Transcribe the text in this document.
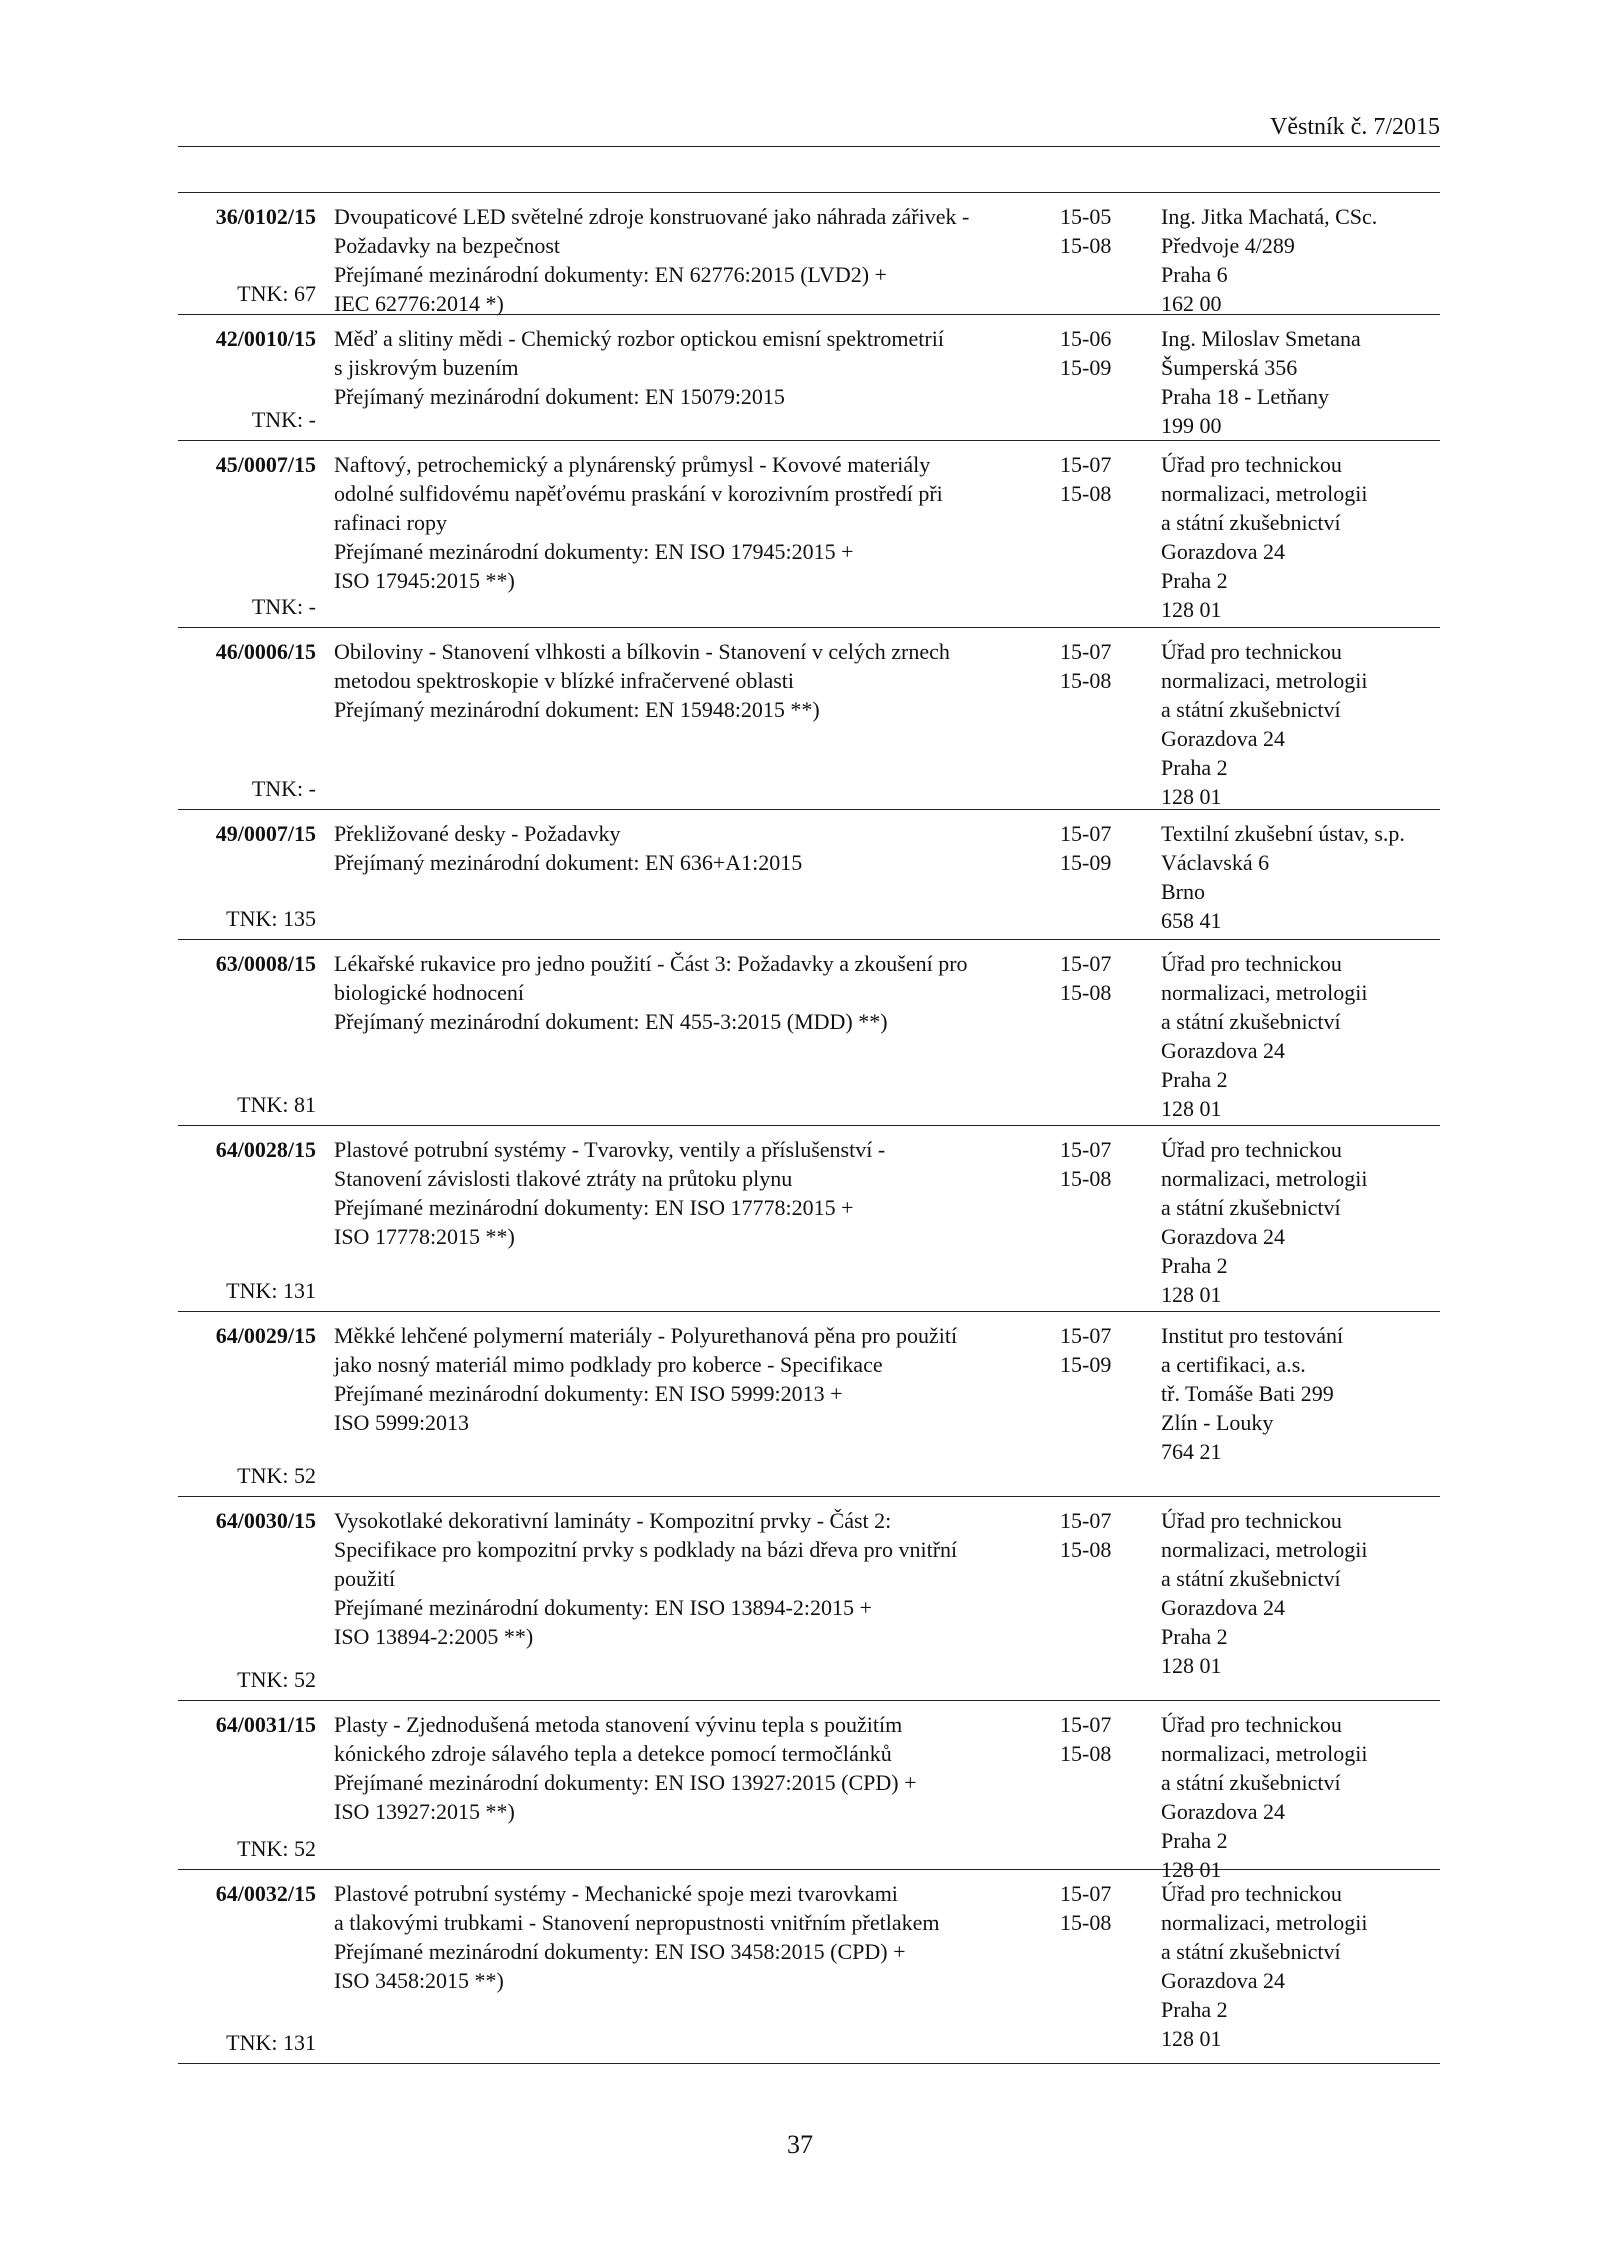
Věstník č. 7/2015
36/0102/15
TNK: 67
Dvoupaticové LED světelné zdroje konstruované jako náhrada zářivek -
Požadavky na bezpečnost
Přejímané mezinárodní dokumenty: EN 62776:2015 (LVD2) +
IEC 62776:2014 *)
15-05
15-08
Ing. Jitka Machatá, CSc.
Předvoje 4/289
Praha 6
162 00
42/0010/15
TNK: -
Měď a slitiny mědi - Chemický rozbor optickou emisní spektrometrií
s jiskrovým buzením
Přejímaný mezinárodní dokument: EN 15079:2015
15-06
15-09
Ing. Miloslav Smetana
Šumperská 356
Praha 18 - Letňany
199 00
45/0007/15
TNK: -
Naftový, petrochemický a plynárenský průmysl - Kovové materiály
odolné sulfidovému napěťovému praskání v korozivním prostředí při
rafinaci ropy
Přejímané mezinárodní dokumenty: EN ISO 17945:2015 +
ISO 17945:2015 **)
15-07
15-08
Úřad pro technickou
normalizaci, metrologii
a státní zkušebnictví
Gorazdova 24
Praha 2
128 01
46/0006/15
TNK: -
Obiloviny - Stanovení vlhkosti a bílkovin - Stanovení v celých zrnech
metodou spektroskopie v blízké infračervené oblasti
Přejímaný mezinárodní dokument: EN 15948:2015 **)
15-07
15-08
Úřad pro technickou
normalizaci, metrologii
a státní zkušebnictví
Gorazdova 24
Praha 2
128 01
49/0007/15
TNK: 135
Překližované desky - Požadavky
Přejímaný mezinárodní dokument: EN 636+A1:2015
15-07
15-09
Textilní zkušební ústav, s.p.
Václavská 6
Brno
658 41
63/0008/15
TNK: 81
Lékařské rukavice pro jedno použití - Část 3: Požadavky a zkoušení pro
biologické hodnocení
Přejímaný mezinárodní dokument: EN 455-3:2015 (MDD) **)
15-07
15-08
Úřad pro technickou
normalizaci, metrologii
a státní zkušebnictví
Gorazdova 24
Praha 2
128 01
64/0028/15
TNK: 131
Plastové potrubní systémy - Tvarovky, ventily a příslušenství -
Stanovení závislosti tlakové ztráty na průtoku plynu
Přejímané mezinárodní dokumenty: EN ISO 17778:2015 +
ISO 17778:2015 **)
15-07
15-08
Úřad pro technickou
normalizaci, metrologii
a státní zkušebnictví
Gorazdova 24
Praha 2
128 01
64/0029/15
TNK: 52
Měkké lehčené polymerní materiály - Polyurethanová pěna pro použití
jako nosný materiál mimo podklady pro koberce - Specifikace
Přejímané mezinárodní dokumenty: EN ISO 5999:2013 +
ISO 5999:2013
15-07
15-09
Institut pro testování
a certifikaci, a.s.
tř. Tomáše Bati 299
Zlín - Louky
764 21
64/0030/15
TNK: 52
Vysokotlaké dekorativní lamináty - Kompozitní prvky - Část 2:
Specifikace pro kompozitní prvky s podklady na bázi dřeva pro vnitřní
použití
Přejímané mezinárodní dokumenty: EN ISO 13894-2:2015 +
ISO 13894-2:2005 **)
15-07
15-08
Úřad pro technickou
normalizaci, metrologii
a státní zkušebnictví
Gorazdova 24
Praha 2
128 01
64/0031/15
TNK: 52
Plasty - Zjednodušená metoda stanovení vývinu tepla s použitím
kónického zdroje sálavého tepla a detekce pomocí termočlánků
Přejímané mezinárodní dokumenty: EN ISO 13927:2015 (CPD) +
ISO 13927:2015 **)
15-07
15-08
Úřad pro technickou
normalizaci, metrologii
a státní zkušebnictví
Gorazdova 24
Praha 2
128 01
64/0032/15
TNK: 131
Plastové potrubní systémy - Mechanické spoje mezi tvarovkami
a tlakovými trubkami - Stanovení nepropustnosti vnitřním přetlakem
Přejímané mezinárodní dokumenty: EN ISO 3458:2015 (CPD) +
ISO 3458:2015 **)
15-07
15-08
Úřad pro technickou
normalizaci, metrologii
a státní zkušebnictví
Gorazdova 24
Praha 2
128 01
37
